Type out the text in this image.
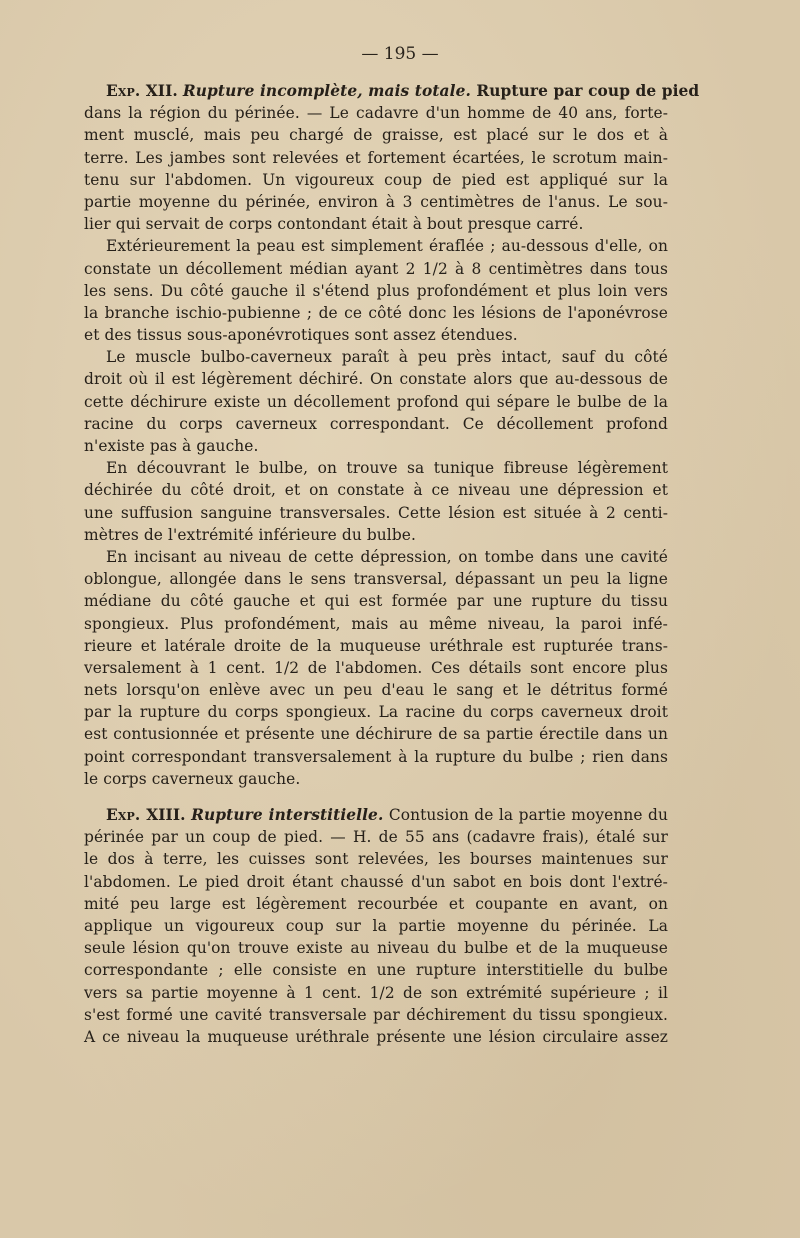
— 195 —
Exp. XII. Rupture incomplète, mais totale. Rupture par coup de pied
dans la région du périnée. — Le cadavre d'un homme de 40 ans, forte-
ment musclé, mais peu chargé de graisse, est placé sur le dos et à
terre. Les jambes sont relevées et fortement écartées, le scrotum main-
tenu sur l'abdomen. Un vigoureux coup de pied est appliqué sur la
partie moyenne du périnée, environ à 3 centimètres de l'anus. Le sou-
lier qui servait de corps contondant était à bout presque carré.
Extérieurement la peau est simplement éraflée ; au-dessous d'elle, on
constate un décollement médian ayant 2 1/2 à 8 centimètres dans tous
les sens. Du côté gauche il s'étend plus profondément et plus loin vers
la branche ischio-pubienne ; de ce côté donc les lésions de l'aponévrose
et des tissus sous-aponévrotiques sont assez étendues.
Le muscle bulbo-caverneux paraît à peu près intact, sauf du côté
droit où il est légèrement déchiré. On constate alors que au-dessous de
cette déchirure existe un décollement profond qui sépare le bulbe de la
racine du corps caverneux correspondant. Ce décollement profond
n'existe pas à gauche.
En découvrant le bulbe, on trouve sa tunique fibreuse légèrement
déchirée du côté droit, et on constate à ce niveau une dépression et
une suffusion sanguine transversales. Cette lésion est située à 2 centi-
mètres de l'extrémité inférieure du bulbe.
En incisant au niveau de cette dépression, on tombe dans une cavité
oblongue, allongée dans le sens transversal, dépassant un peu la ligne
médiane du côté gauche et qui est formée par une rupture du tissu
spongieux. Plus profondément, mais au même niveau, la paroi infé-
rieure et latérale droite de la muqueuse uréthrale est rupturée trans-
versalement à 1 cent. 1/2 de l'abdomen. Ces détails sont encore plus
nets lorsqu'on enlève avec un peu d'eau le sang et le détritus formé
par la rupture du corps spongieux. La racine du corps caverneux droit
est contusionnée et présente une déchirure de sa partie érectile dans un
point correspondant transversalement à la rupture du bulbe ; rien dans
le corps caverneux gauche.
Exp. XIII. Rupture interstitielle. Contusion de la partie moyenne du
périnée par un coup de pied. — H. de 55 ans (cadavre frais), étalé sur
le dos à terre, les cuisses sont relevées, les bourses maintenues sur
l'abdomen. Le pied droit étant chaussé d'un sabot en bois dont l'extré-
mité peu large est légèrement recourbée et coupante en avant, on
applique un vigoureux coup sur la partie moyenne du périnée. La
seule lésion qu'on trouve existe au niveau du bulbe et de la muqueuse
correspondante ; elle consiste en une rupture interstitielle du bulbe
vers sa partie moyenne à 1 cent. 1/2 de son extrémité supérieure ; il
s'est formé une cavité transversale par déchirement du tissu spongieux.
A ce niveau la muqueuse uréthrale présente une lésion circulaire assez
